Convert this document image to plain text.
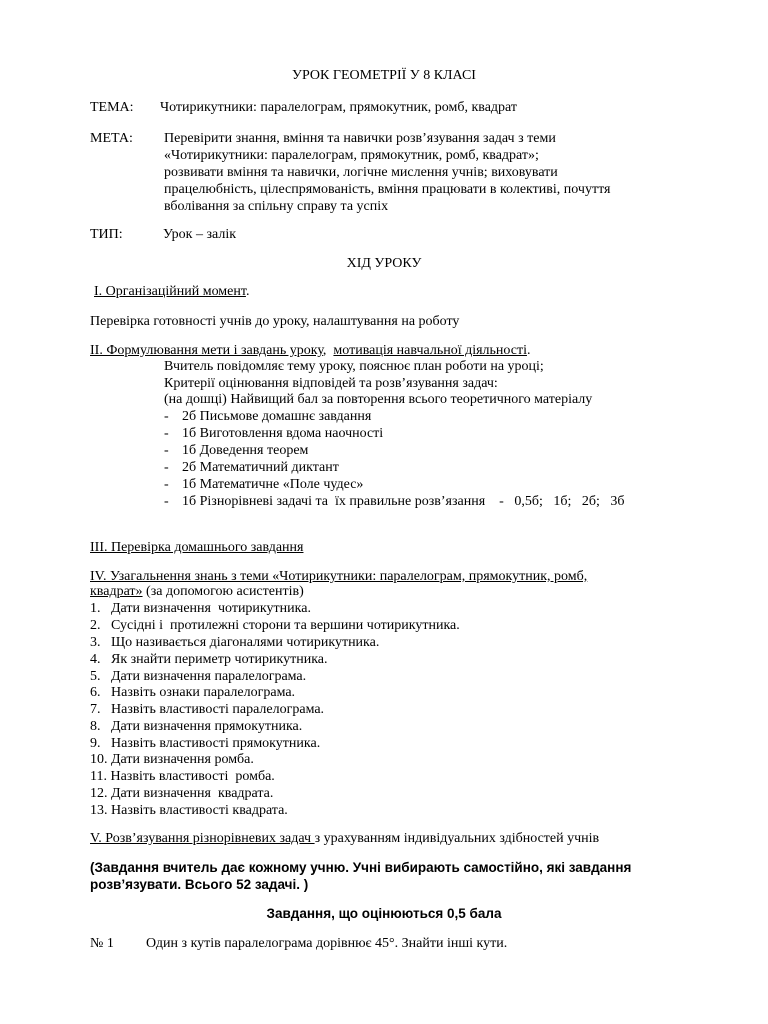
УРОК ГЕОМЕТРІЇ У 8 КЛАСІ

ТЕМА: Чотирикутники: паралелограм, прямокутник, ромб, квадрат
МЕТА: Перевірити знання, вміння та навички розв’язування задач з теми
«Чотирикутники: паралелограм, прямокутник, ромб, квадрат»;
розвивати вміння та навички, логічне мислення учнів; виховувати
працелюбність, цілеспрямованість, вміння працювати в колективі, почуття
вболівання за спільну справу та успіх
ТИП:	Урок – залік

ХІД УРОКУ

І. Організаційний момент.
Перевірка готовності учнів до уроку, налаштування на роботу
ІІ. Формулювання мети і завдань уроку,  мотивація навчальної діяльності.
Вчитель повідомляє тему уроку, пояснює план роботи на уроці;
Критерії оцінювання відповідей та розв’язування задач:
(на дошці) Найвищий бал за повторення всього теоретичного матеріалу
- 2б Письмове домашнє завдання
- 1б Виготовлення вдома наочності
- 1б Доведення теорем
- 2б Математичний диктант
- 1б Математичне «Поле чудес»
- 1б Різнорівневі задачі та  їх правильне розв’язання    -   0,5б;   1б;   2б;   3б
ІІІ. Перевірка домашнього завдання
IV. Узагальнення знань з теми «Чотирикутники: паралелограм, прямокутник, ромб,
квадрат» (за допомогою асистентів)
1.   Дати визначення  чотирикутника.
2.   Сусідні і  протилежні сторони та вершини чотирикутника.
3.   Що називається діагоналями чотирикутника.
4.   Як знайти периметр чотирикутника.
5.   Дати визначення паралелограма.
6.   Назвіть ознаки паралелограма.
7.   Назвіть властивості паралелограма.
8.   Дати визначення прямокутника.
9.   Назвіть властивості прямокутника.
10. Дати визначення ромба.
11. Назвіть властивості  ромба.
12. Дати визначення  квадрата.
13. Назвіть властивості квадрата.
V. Розв’язування різнорівневих задач з урахуванням індивідуальних здібностей учнів
(Завдання вчитель дає кожному учню. Учні вибирають самостійно, які завдання
розв’язувати. Всього 52 задачі. )
Завдання, що оцінюються 0,5 бала
№ 1 Один з кутів паралелограма дорівнює 45°. Знайти інші кути.
